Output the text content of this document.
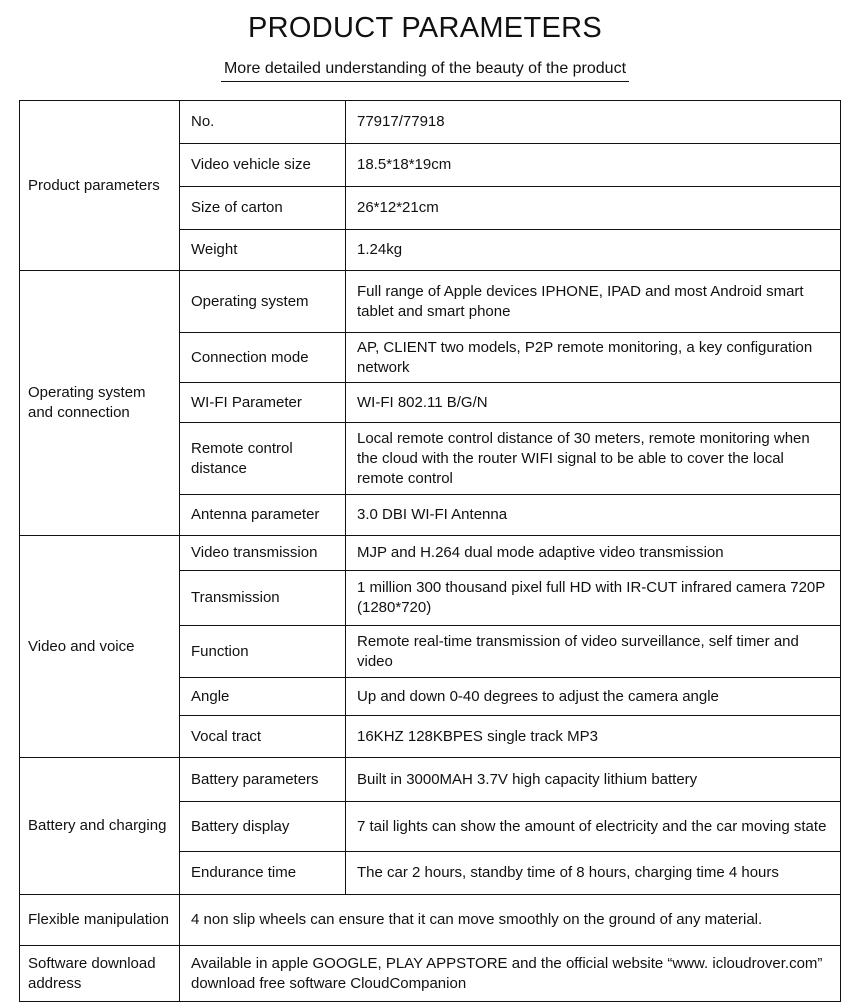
PRODUCT PARAMETERS
More detailed understanding of the beauty of the product
Product parameters	No.	77917/77918
	Video vehicle size	18.5*18*19cm
	Size of carton	26*12*21cm
	Weight	1.24kg
Operating system and connection	Operating system	Full range of Apple devices IPHONE, IPAD and most Android smart tablet and smart phone
	Connection mode	AP, CLIENT two models, P2P remote monitoring, a key configuration network
	WI-FI Parameter	WI-FI 802.11 B/G/N
	Remote control distance	Local remote control distance of 30 meters, remote monitoring when the cloud with the router WIFI signal to be able to cover the local remote control
	Antenna parameter	3.0 DBI WI-FI Antenna
Video and voice	Video transmission	MJP and H.264 dual mode adaptive video transmission
	Transmission	1 million 300 thousand pixel full HD with IR-CUT infrared camera 720P (1280*720)
	Function	Remote real-time transmission of video surveillance, self timer and video
	Angle	Up and down 0-40 degrees to adjust the camera angle
	Vocal tract	16KHZ 128KBPES single track MP3
Battery and charging	Battery parameters	Built in 3000MAH 3.7V high capacity lithium battery
	Battery display	7 tail lights can show the amount of electricity and the car moving state
	Endurance time	The car 2 hours, standby time of 8 hours, charging time 4 hours
Flexible manipulation	4 non slip wheels can ensure that it can move smoothly on the ground of any material.	
Software download address	Available in apple GOOGLE, PLAY APPSTORE and the official website “www. icloudrover.com” download free software CloudCompanion	
